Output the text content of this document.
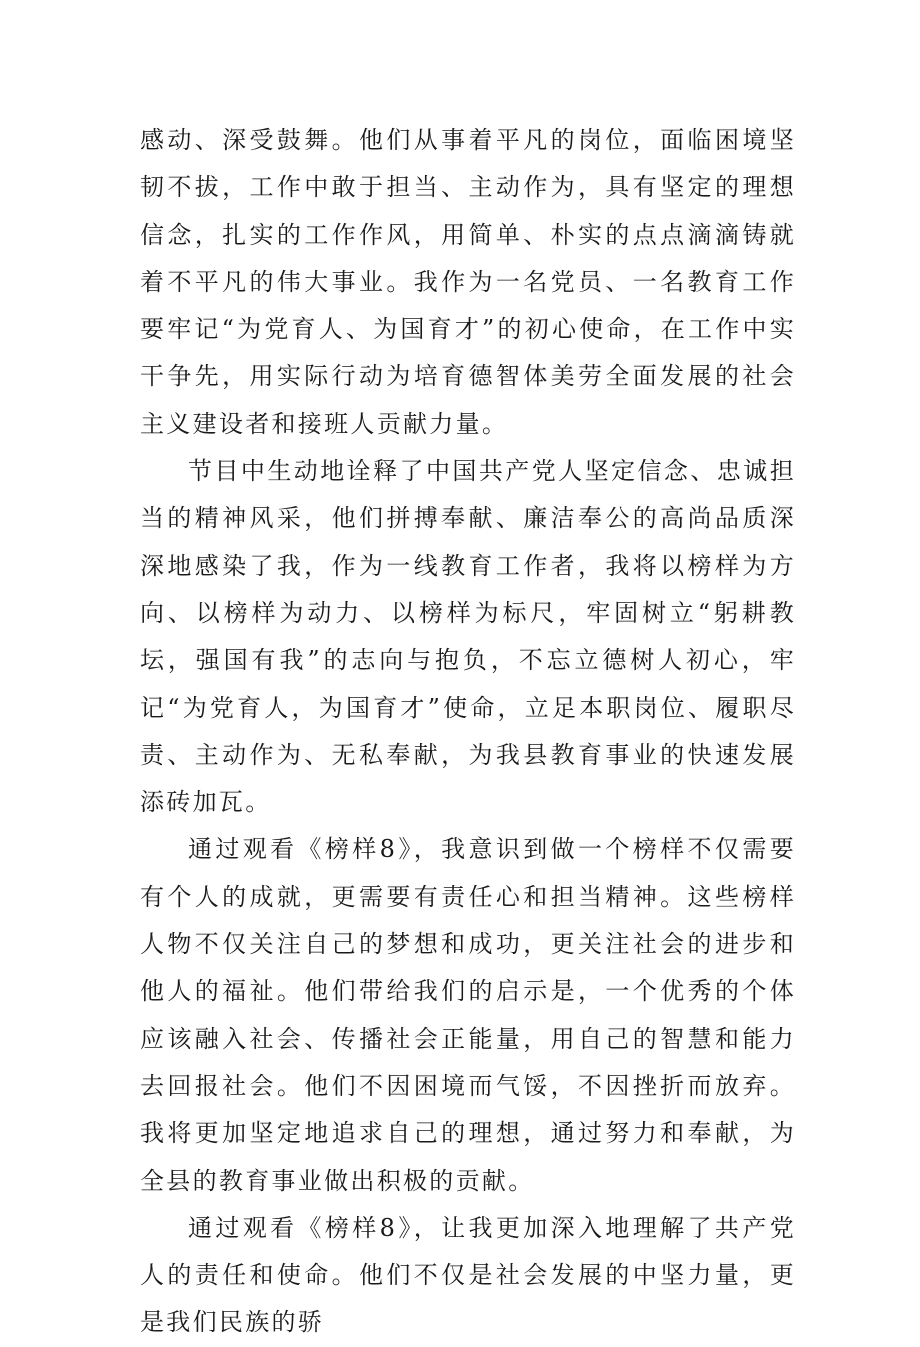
感动、深受鼓舞。他们从事着平凡的岗位，面临困境坚韧不拔，工作中敢于担当、主动作为，具有坚定的理想信念，扎实的工作作风，用简单、朴实的点点滴滴铸就着不平凡的伟大事业。我作为一名党员、一名教育工作要牢记“为党育人、为国育才”的初心使命，在工作中实干争先，用实际行动为培育德智体美劳全面发展的社会主义建设者和接班人贡献力量。

节目中生动地诠释了中国共产党人坚定信念、忠诚担当的精神风采，他们拼搏奉献、廉洁奉公的高尚品质深深地感染了我，作为一线教育工作者，我将以榜样为方向、以榜样为动力、以榜样为标尺，牢固树立“躬耕教坛，强国有我”的志向与抱负，不忘立德树人初心，牢记“为党育人，为国育才”使命，立足本职岗位、履职尽责、主动作为、无私奉献，为我县教育事业的快速发展添砖加瓦。

通过观看《榜样8》，我意识到做一个榜样不仅需要有个人的成就，更需要有责任心和担当精神。这些榜样人物不仅关注自己的梦想和成功，更关注社会的进步和他人的福祉。他们带给我们的启示是，一个优秀的个体应该融入社会、传播社会正能量，用自己的智慧和能力去回报社会。他们不因困境而气馁，不因挫折而放弃。我将更加坚定地追求自己的理想，通过努力和奉献，为全县的教育事业做出积极的贡献。

通过观看《榜样8》，让我更加深入地理解了共产党人的责任和使命。他们不仅是社会发展的中坚力量，更是我们民族的骄
